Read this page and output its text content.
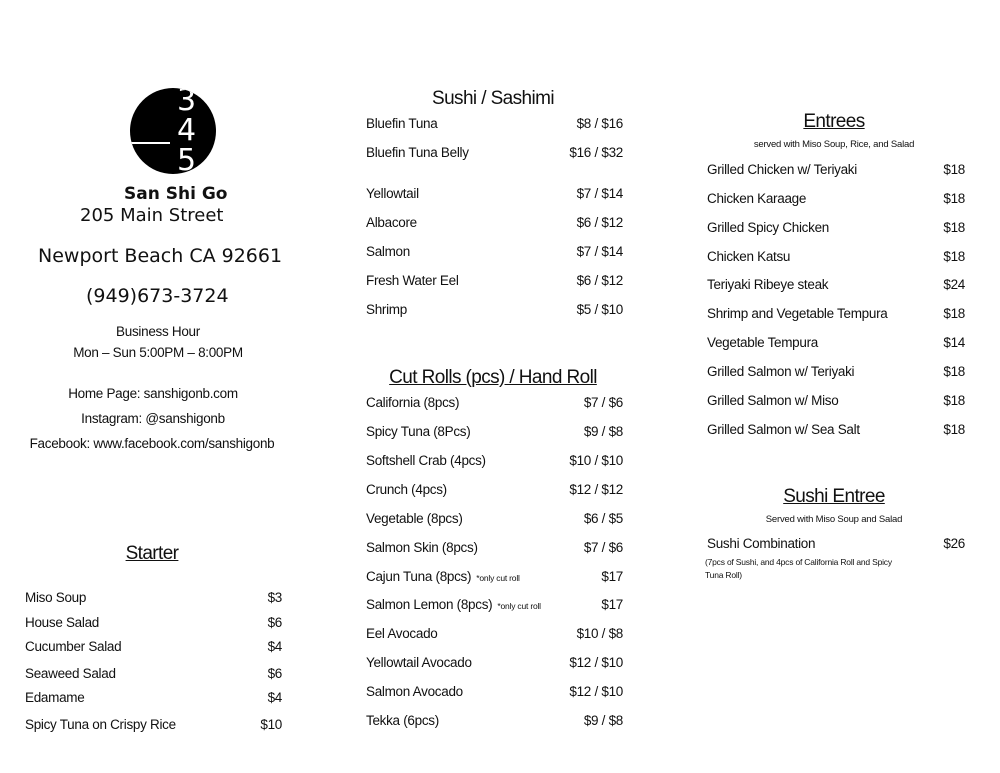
3
4
5
San Shi Go
205 Main Street
Newport Beach CA 92661
(949)673-3724
Business Hour
Mon – Sun 5:00PM – 8:00PM
Home Page: sanshigonb.com
Instagram: @sanshigonb
Facebook: www.facebook.com/sanshigonb
Starter
Miso Soup	$3
House Salad	$6
Cucumber Salad	$4
Seaweed Salad	$6
Edamame	$4
Spicy Tuna on Crispy Rice	$10
Sushi / Sashimi
Bluefin Tuna	$8 / $16
Bluefin Tuna Belly	$16 / $32
Yellowtail	$7 / $14
Albacore	$6 / $12
Salmon	$7 / $14
Fresh Water Eel	$6 / $12
Shrimp	$5 / $10
Cut Rolls (pcs) / Hand Roll
California (8pcs)	$7 / $6
Spicy Tuna (8Pcs)	$9 / $8
Softshell Crab (4pcs)	$10 / $10
Crunch (4pcs)	$12 / $12
Vegetable (8pcs)	$6 / $5
Salmon Skin (8pcs)	$7 / $6
Cajun Tuna (8pcs) *only cut roll	$17
Salmon Lemon (8pcs) *only cut roll	$17
Eel Avocado	$10 / $8
Yellowtail Avocado	$12 / $10
Salmon Avocado	$12 / $10
Tekka (6pcs)	$9 / $8
Entrees
served with Miso Soup, Rice, and Salad
Grilled Chicken w/ Teriyaki	$18
Chicken Karaage	$18
Grilled Spicy Chicken	$18
Chicken Katsu	$18
Teriyaki Ribeye steak	$24
Shrimp and Vegetable Tempura	$18
Vegetable Tempura	$14
Grilled Salmon w/ Teriyaki	$18
Grilled Salmon w/ Miso	$18
Grilled Salmon w/ Sea Salt	$18
Sushi Entree
Served with Miso Soup and Salad
Sushi Combination	$26
(7pcs of Sushi, and 4pcs of California Roll and Spicy Tuna Roll)
